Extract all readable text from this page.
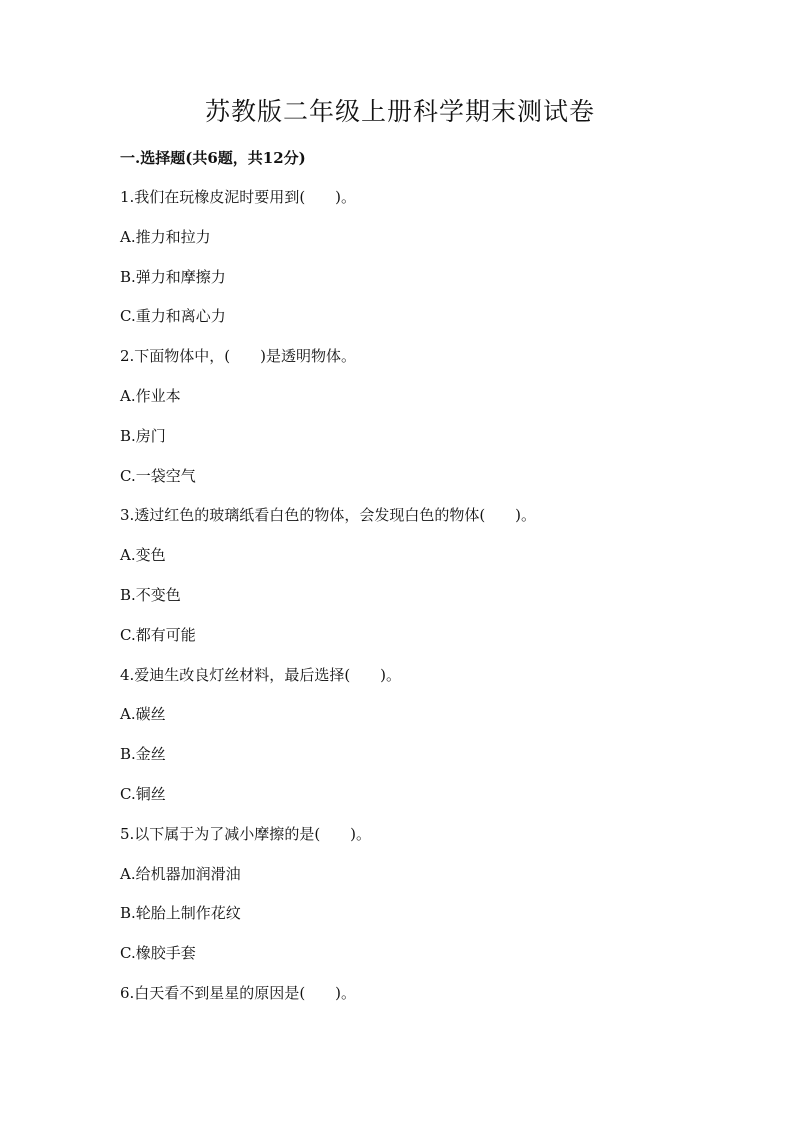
苏教版二年级上册科学期末测试卷
一.选择题(共6题，共12分)
1.我们在玩橡皮泥时要用到(　　)。
A.推力和拉力
B.弹力和摩擦力
C.重力和离心力
2.下面物体中，(　　)是透明物体。
A.作业本
B.房门
C.一袋空气
3.透过红色的玻璃纸看白色的物体，会发现白色的物体(　　)。
A.变色
B.不变色
C.都有可能
4.爱迪生改良灯丝材料，最后选择(　　)。
A.碳丝
B.金丝
C.铜丝
5.以下属于为了减小摩擦的是(　　)。
A.给机器加润滑油
B.轮胎上制作花纹
C.橡胶手套
6.白天看不到星星的原因是(　　)。
